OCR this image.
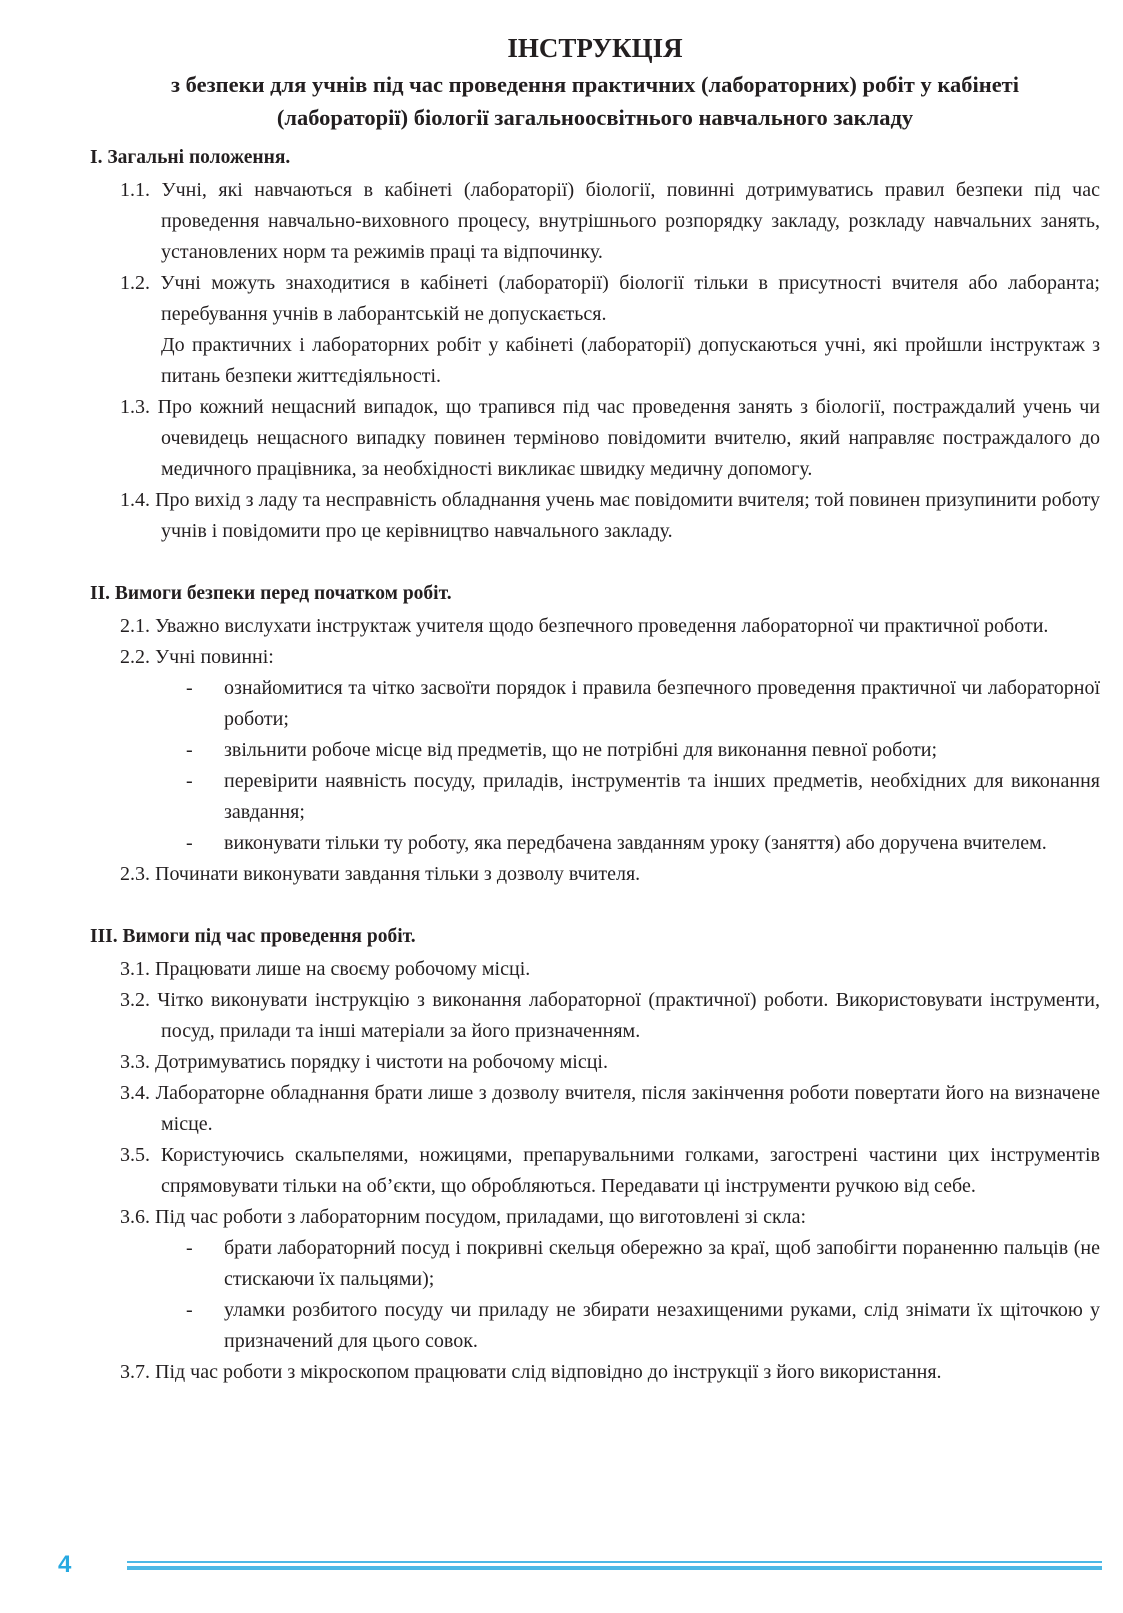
ІНСТРУКЦІЯ
з безпеки для учнів під час проведення практичних (лабораторних) робіт у кабінеті
(лабораторії) біології загальноосвітнього навчального закладу
І. Загальні положення.

1.1. Учні, які навчаються в кабінеті (лабораторії) біології, повинні дотримуватись правил безпеки під час проведення навчально-виховного процесу, внутрішнього розпорядку закладу, розкладу навчальних занять, установлених норм та режимів праці та відпочинку.

1.2. Учні можуть знаходитися в кабінеті (лабораторії) біології тільки в присутності вчителя або лаборанта; перебування учнів в лаборантській не допускається.

До практичних і лабораторних робіт у кабінеті (лабораторії) допускаються учні, які пройшли інструктаж з питань безпеки життєдіяльності.

1.3. Про кожний нещасний випадок, що трапився під час проведення занять з біології, постраждалий учень чи очевидець нещасного випадку повинен терміново повідомити вчителю, який направляє постраждалого до медичного працівника, за необхідності викликає швидку медичну допомогу.

1.4. Про вихід з ладу та несправність обладнання учень має повідомити вчителя; той повинен призупинити роботу учнів і повідомити про це керівництво навчального закладу.

ІІ. Вимоги безпеки перед початком робіт.

2.1. Уважно вислухати інструктаж учителя щодо безпечного проведення лабораторної чи практичної роботи.

2.2. Учні повинні:

- ознайомитися та чітко засвоїти порядок і правила безпечного проведення практичної чи лабораторної роботи;

- звільнити робоче місце від предметів, що не потрібні для виконання певної роботи;

- перевірити наявність посуду, приладів, інструментів та інших предметів, необхідних для виконання завдання;

- виконувати тільки ту роботу, яка передбачена завданням уроку (заняття) або доручена вчителем.

2.3. Починати виконувати завдання тільки з дозволу вчителя.

ІІІ. Вимоги під час проведення робіт.

3.1. Працювати лише на своєму робочому місці.

3.2. Чітко виконувати інструкцію з виконання лабораторної (практичної) роботи. Використовувати інструменти, посуд, прилади та інші матеріали за його призначенням.

3.3. Дотримуватись порядку і чистоти на робочому місці.

3.4. Лабораторне обладнання брати лише з дозволу вчителя, після закінчення роботи повертати його на визначене місце.

3.5. Користуючись скальпелями, ножицями, препарувальними голками, загострені частини цих інструментів спрямовувати тільки на об’єкти, що обробляються. Передавати ці інструменти ручкою від себе.

3.6. Під час роботи з лабораторним посудом, приладами, що виготовлені зі скла:

- брати лабораторний посуд і покривні скельця обережно за краї, щоб запобігти пораненню пальців (не стискаючи їх пальцями);

- уламки розбитого посуду чи приладу не збирати незахищеними руками, слід знімати їх щіточкою у призначений для цього совок.

3.7. Під час роботи з мікроскопом працювати слід відповідно до інструкції з його використання.

4
